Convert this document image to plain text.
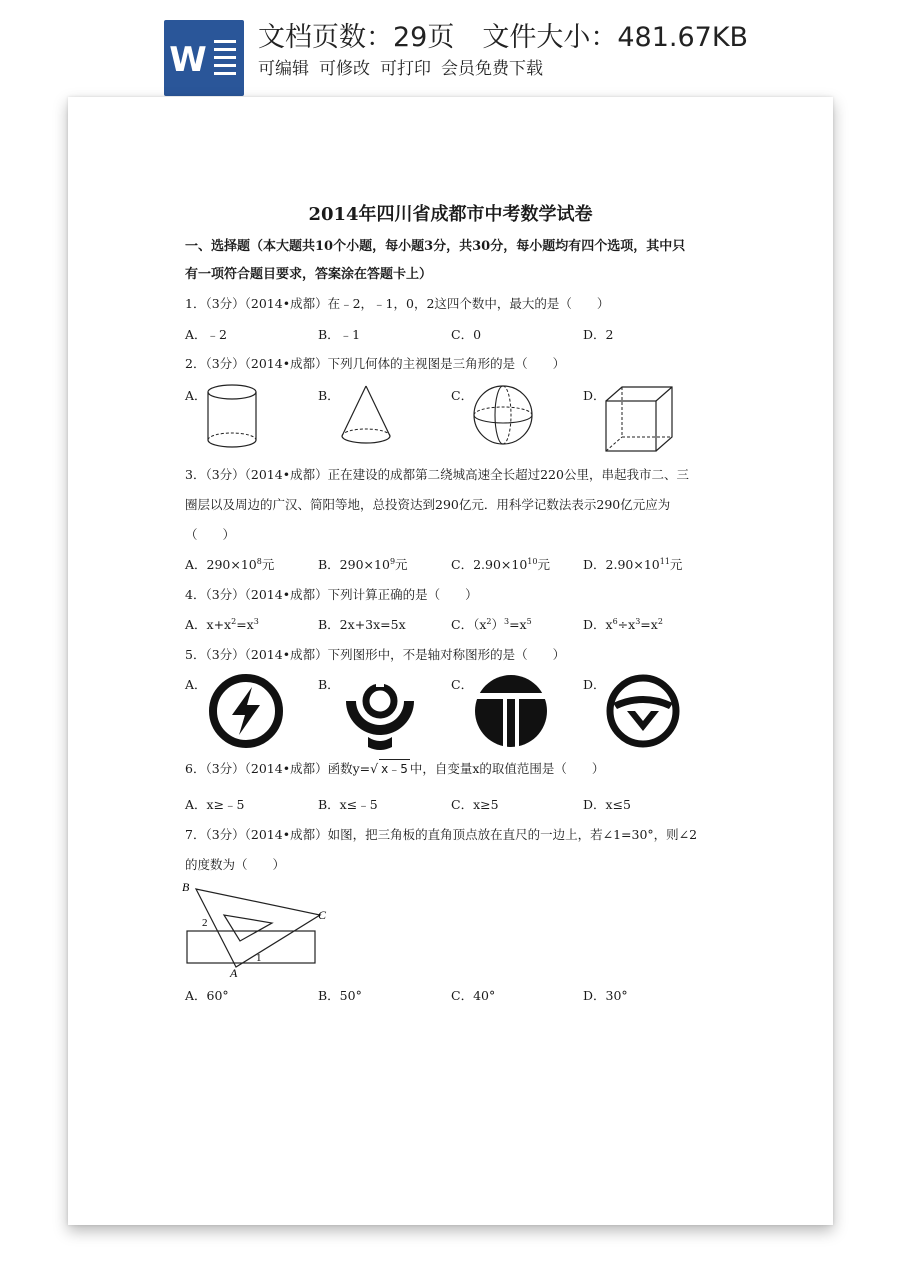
W
文档页数：29页 文件大小：481.67KB
可编辑 可修改 可打印 会员免费下载
2014年四川省成都市中考数学试卷
一、选择题（本大题共10个小题，每小题3分，共30分，每小题均有四个选项，其中只
有一项符合题目要求，答案涂在答题卡上）
1．（3分）（2014•成都）在﹣2，﹣1，0，2这四个数中，最大的是（　　）
A．﹣2	B．﹣1	C．0	D．2
2．（3分）（2014•成都）下列几何体的主视图是三角形的是（　　）
A．	B．	C．	D．
3．（3分）（2014•成都）正在建设的成都第二绕城高速全长超过220公里，串起我市二、三
圈层以及周边的广汉、简阳等地，总投资达到290亿元．用科学记数法表示290亿元应为
（　　）
A．$290\times 10^8$元	B．$290\times 10^9$元	C．$2.90\times 10^{10}$元	D．$2.90\times 10^{11}$元
4．（3分）（2014•成都）下列计算正确的是（　　）
A．$x+x^2=x^3$	B．2x+3x=5x	C．$(x^2)^3=x^5$	D．$x^6\div x^3=x^2$
5．（3分）（2014•成都）下列图形中，不是轴对称图形的是（　　）
A．	B．	C．	D．
6．（3分）（2014•成都）函数y=√ x﹣5 中，自变量x的取值范围是（　　）
A．x≥﹣5	B．x≤﹣5	C．x≥5	D．x≤5
7．（3分）（2014•成都）如图，把三角板的直角顶点放在直尺的一边上，若∠1=30°，则∠2
的度数为（　　）
B
C
A
1
2
A．60°	B．50°	C．40°	D．30°
